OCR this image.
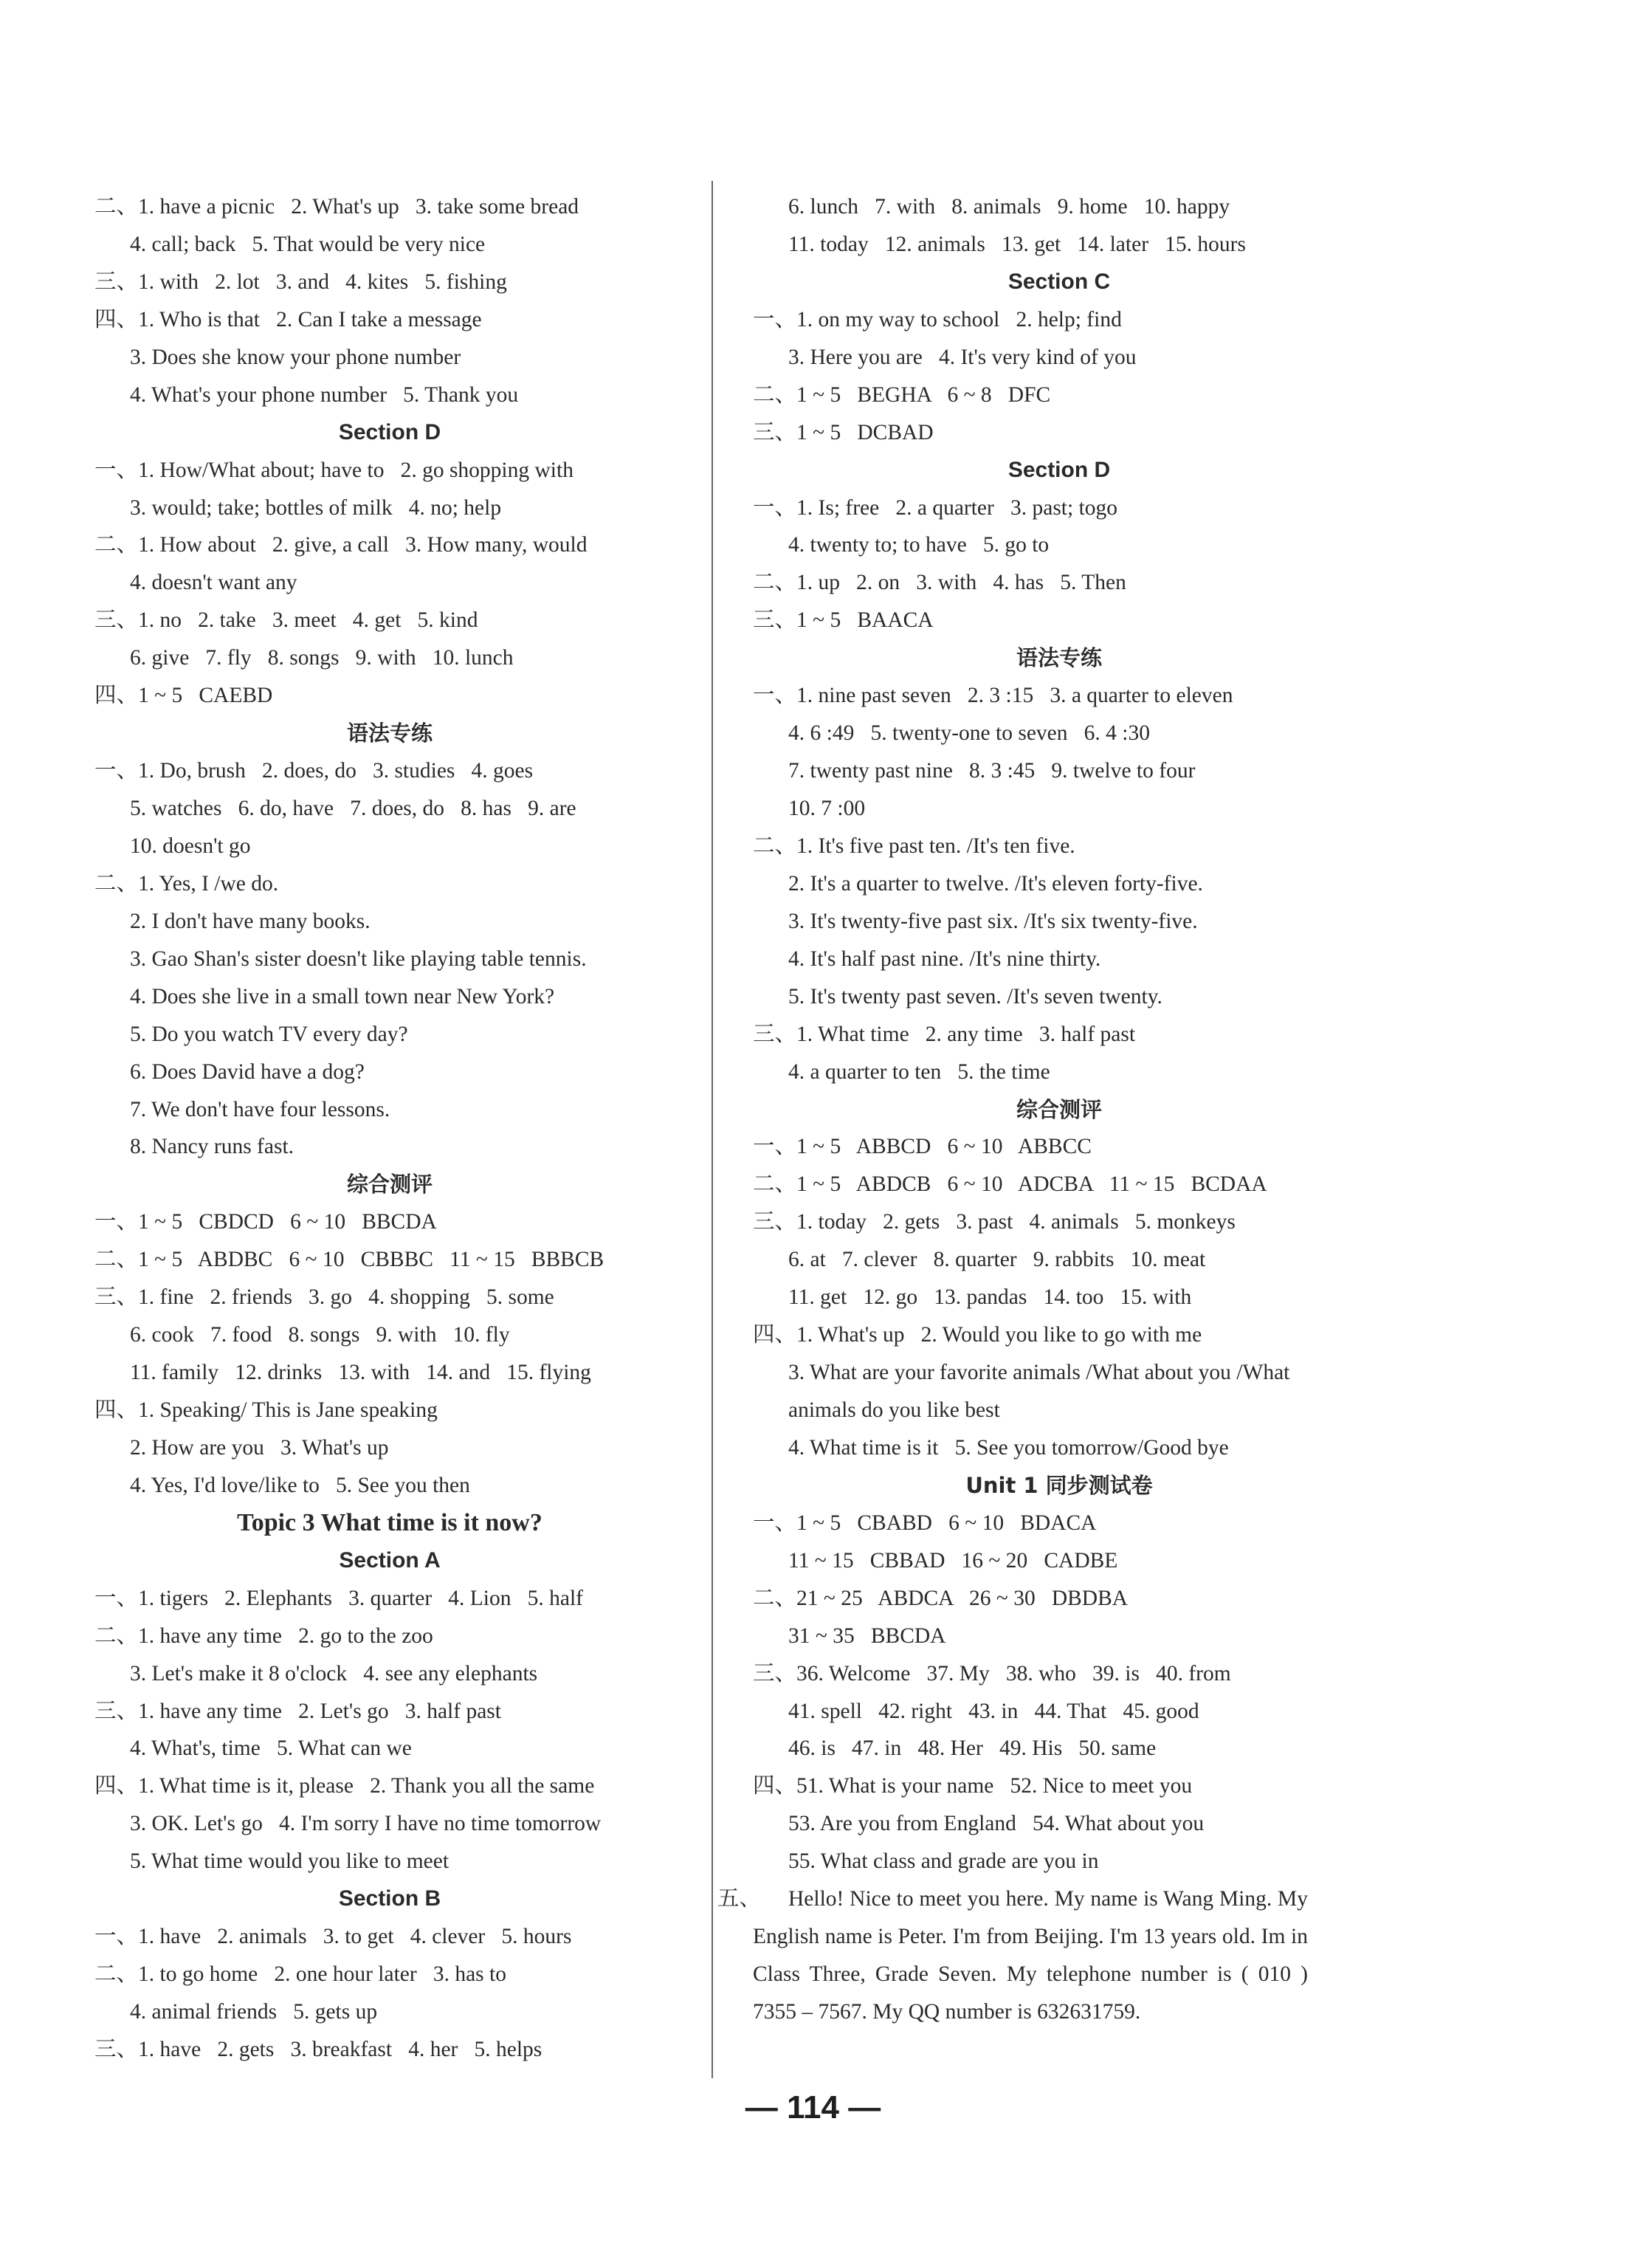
二、1. have a picnic   2. What's up   3. take some bread
4. call; back   5. That would be very nice
三、1. with   2. lot   3. and   4. kites   5. fishing
四、1. Who is that   2. Can I take a message
3. Does she know your phone number
4. What's your phone number   5. Thank you
Section D
一、1. How/What about; have to   2. go shopping with
3. would; take; bottles of milk   4. no; help
二、1. How about   2. give, a call   3. How many, would
4. doesn't want any
三、1. no   2. take   3. meet   4. get   5. kind
6. give   7. fly   8. songs   9. with   10. lunch
四、1 ~ 5   CAEBD
语法专练
一、1. Do, brush   2. does, do   3. studies   4. goes
5. watches   6. do, have   7. does, do   8. has   9. are
10. doesn't go
二、1. Yes, I /we do.
2. I don't have many books.
3. Gao Shan's sister doesn't like playing table tennis.
4. Does she live in a small town near New York?
5. Do you watch TV every day?
6. Does David have a dog?
7. We don't have four lessons.
8. Nancy runs fast.
综合测评
一、1 ~ 5   CBDCD   6 ~ 10   BBCDA
二、1 ~ 5   ABDBC   6 ~ 10   CBBBC   11 ~ 15   BBBCB
三、1. fine   2. friends   3. go   4. shopping   5. some
6. cook   7. food   8. songs   9. with   10. fly
11. family   12. drinks   13. with   14. and   15. flying
四、1. Speaking/ This is Jane speaking
2. How are you   3. What's up
4. Yes, I'd love/like to   5. See you then
Topic 3 What time is it now?
Section A
一、1. tigers   2. Elephants   3. quarter   4. Lion   5. half
二、1. have any time   2. go to the zoo
3. Let's make it 8 o'clock   4. see any elephants
三、1. have any time   2. Let's go   3. half past
4. What's, time   5. What can we
四、1. What time is it, please   2. Thank you all the same
3. OK. Let's go   4. I'm sorry I have no time tomorrow
5. What time would you like to meet
Section B
一、1. have   2. animals   3. to get   4. clever   5. hours
二、1. to go home   2. one hour later   3. has to
4. animal friends   5. gets up
三、1. have   2. gets   3. breakfast   4. her   5. helps
6. lunch   7. with   8. animals   9. home   10. happy
11. today   12. animals   13. get   14. later   15. hours
Section C
一、1. on my way to school   2. help; find
3. Here you are   4. It's very kind of you
二、1 ~ 5   BEGHA   6 ~ 8   DFC
三、1 ~ 5   DCBAD
Section D
一、1. Is; free   2. a quarter   3. past; togo
4. twenty to; to have   5. go to
二、1. up   2. on   3. with   4. has   5. Then
三、1 ~ 5   BAACA
语法专练
一、1. nine past seven   2. 3 :15   3. a quarter to eleven
4. 6 :49   5. twenty-one to seven   6. 4 :30
7. twenty past nine   8. 3 :45   9. twelve to four
10. 7 :00
二、1. It's five past ten. /It's ten five.
2. It's a quarter to twelve. /It's eleven forty-five.
3. It's twenty-five past six. /It's six twenty-five.
4. It's half past nine. /It's nine thirty.
5. It's twenty past seven. /It's seven twenty.
三、1. What time   2. any time   3. half past
4. a quarter to ten   5. the time
综合测评
一、1 ~ 5   ABBCD   6 ~ 10   ABBCC
二、1 ~ 5   ABDCB   6 ~ 10   ADCBA   11 ~ 15   BCDAA
三、1. today   2. gets   3. past   4. animals   5. monkeys
6. at   7. clever   8. quarter   9. rabbits   10. meat
11. get   12. go   13. pandas   14. too   15. with
四、1. What's up   2. Would you like to go with me
3. What are your favorite animals /What about you /What
animals do you like best
4. What time is it   5. See you tomorrow/Good bye
Unit 1 同步测试卷
一、1 ~ 5   CBABD   6 ~ 10   BDACA
11 ~ 15   CBBAD   16 ~ 20   CADBE
二、21 ~ 25   ABDCA   26 ~ 30   DBDBA
31 ~ 35   BBCDA
三、36. Welcome   37. My   38. who   39. is   40. from
41. spell   42. right   43. in   44. That   45. good
46. is   47. in   48. Her   49. His   50. same
四、51. What is your name   52. Nice to meet you
53. Are you from England   54. What about you
55. What class and grade are you in
五、	Hello! Nice to meet you here. My name is Wang Ming. My English name is Peter. I'm from Beijing. I'm 13 years old. Im in Class Three, Grade Seven. My telephone number is ( 010 ) 7355 – 7567. My QQ number is 632631759.
— 114 —
